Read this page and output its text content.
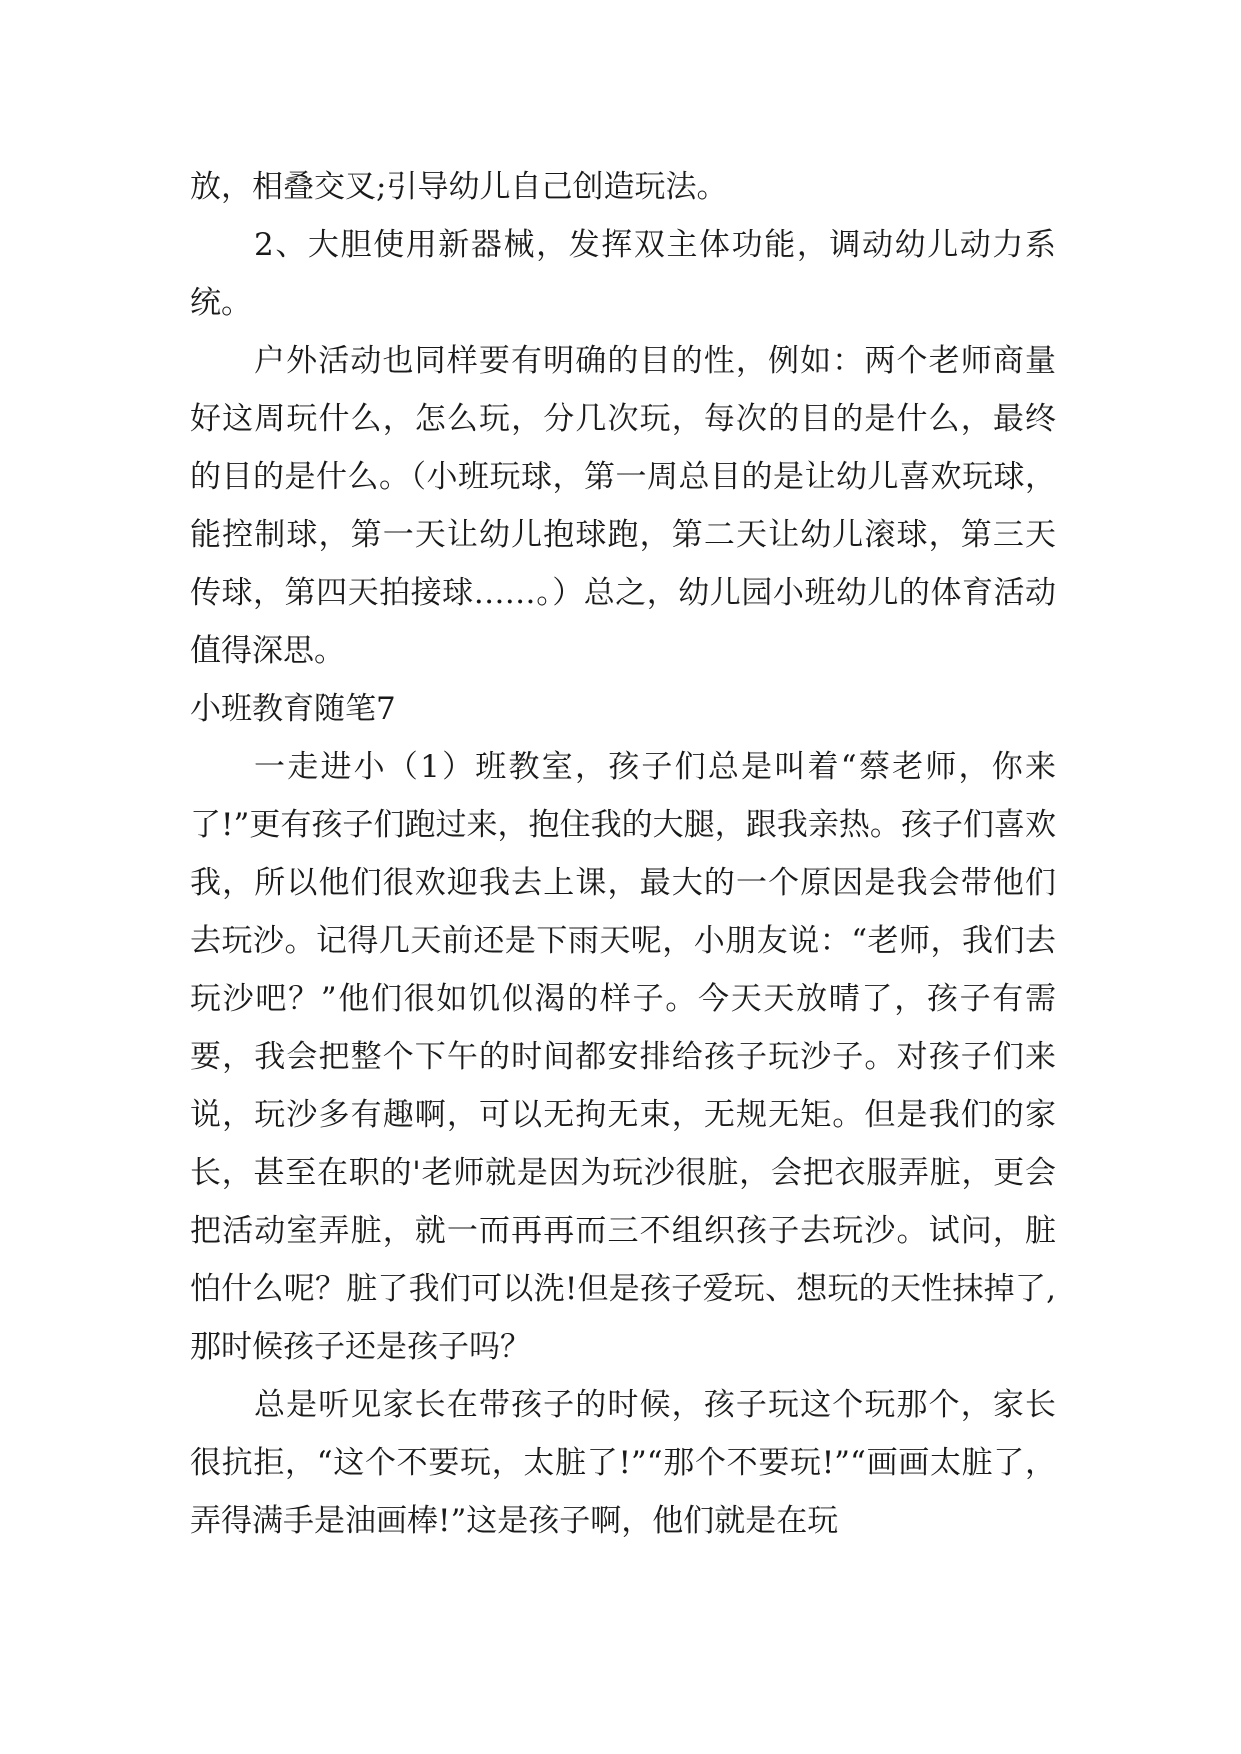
放，相叠交叉;引导幼儿自己创造玩法。

2、大胆使用新器械，发挥双主体功能，调动幼儿动力系统。

户外活动也同样要有明确的目的性，例如：两个老师商量好这周玩什么，怎么玩，分几次玩，每次的目的是什么，最终的目的是什么。（小班玩球，第一周总目的是让幼儿喜欢玩球，能控制球，第一天让幼儿抱球跑，第二天让幼儿滚球，第三天传球，第四天拍接球……。）总之，幼儿园小班幼儿的体育活动值得深思。

小班教育随笔7

一走进小（1）班教室，孩子们总是叫着“蔡老师，你来了!”更有孩子们跑过来，抱住我的大腿，跟我亲热。孩子们喜欢我，所以他们很欢迎我去上课，最大的一个原因是我会带他们去玩沙。记得几天前还是下雨天呢，小朋友说：“老师，我们去玩沙吧？”他们很如饥似渴的样子。今天天放晴了，孩子有需要，我会把整个下午的时间都安排给孩子玩沙子。对孩子们来说，玩沙多有趣啊，可以无拘无束，无规无矩。但是我们的家长，甚至在职的'老师就是因为玩沙很脏，会把衣服弄脏，更会把活动室弄脏，就一而再再而三不组织孩子去玩沙。试问，脏怕什么呢？脏了我们可以洗!但是孩子爱玩、想玩的天性抹掉了,那时候孩子还是孩子吗？

总是听见家长在带孩子的时候，孩子玩这个玩那个，家长很抗拒，“这个不要玩，太脏了!”“那个不要玩!”“画画太脏了，弄得满手是油画棒!”这是孩子啊，他们就是在玩
